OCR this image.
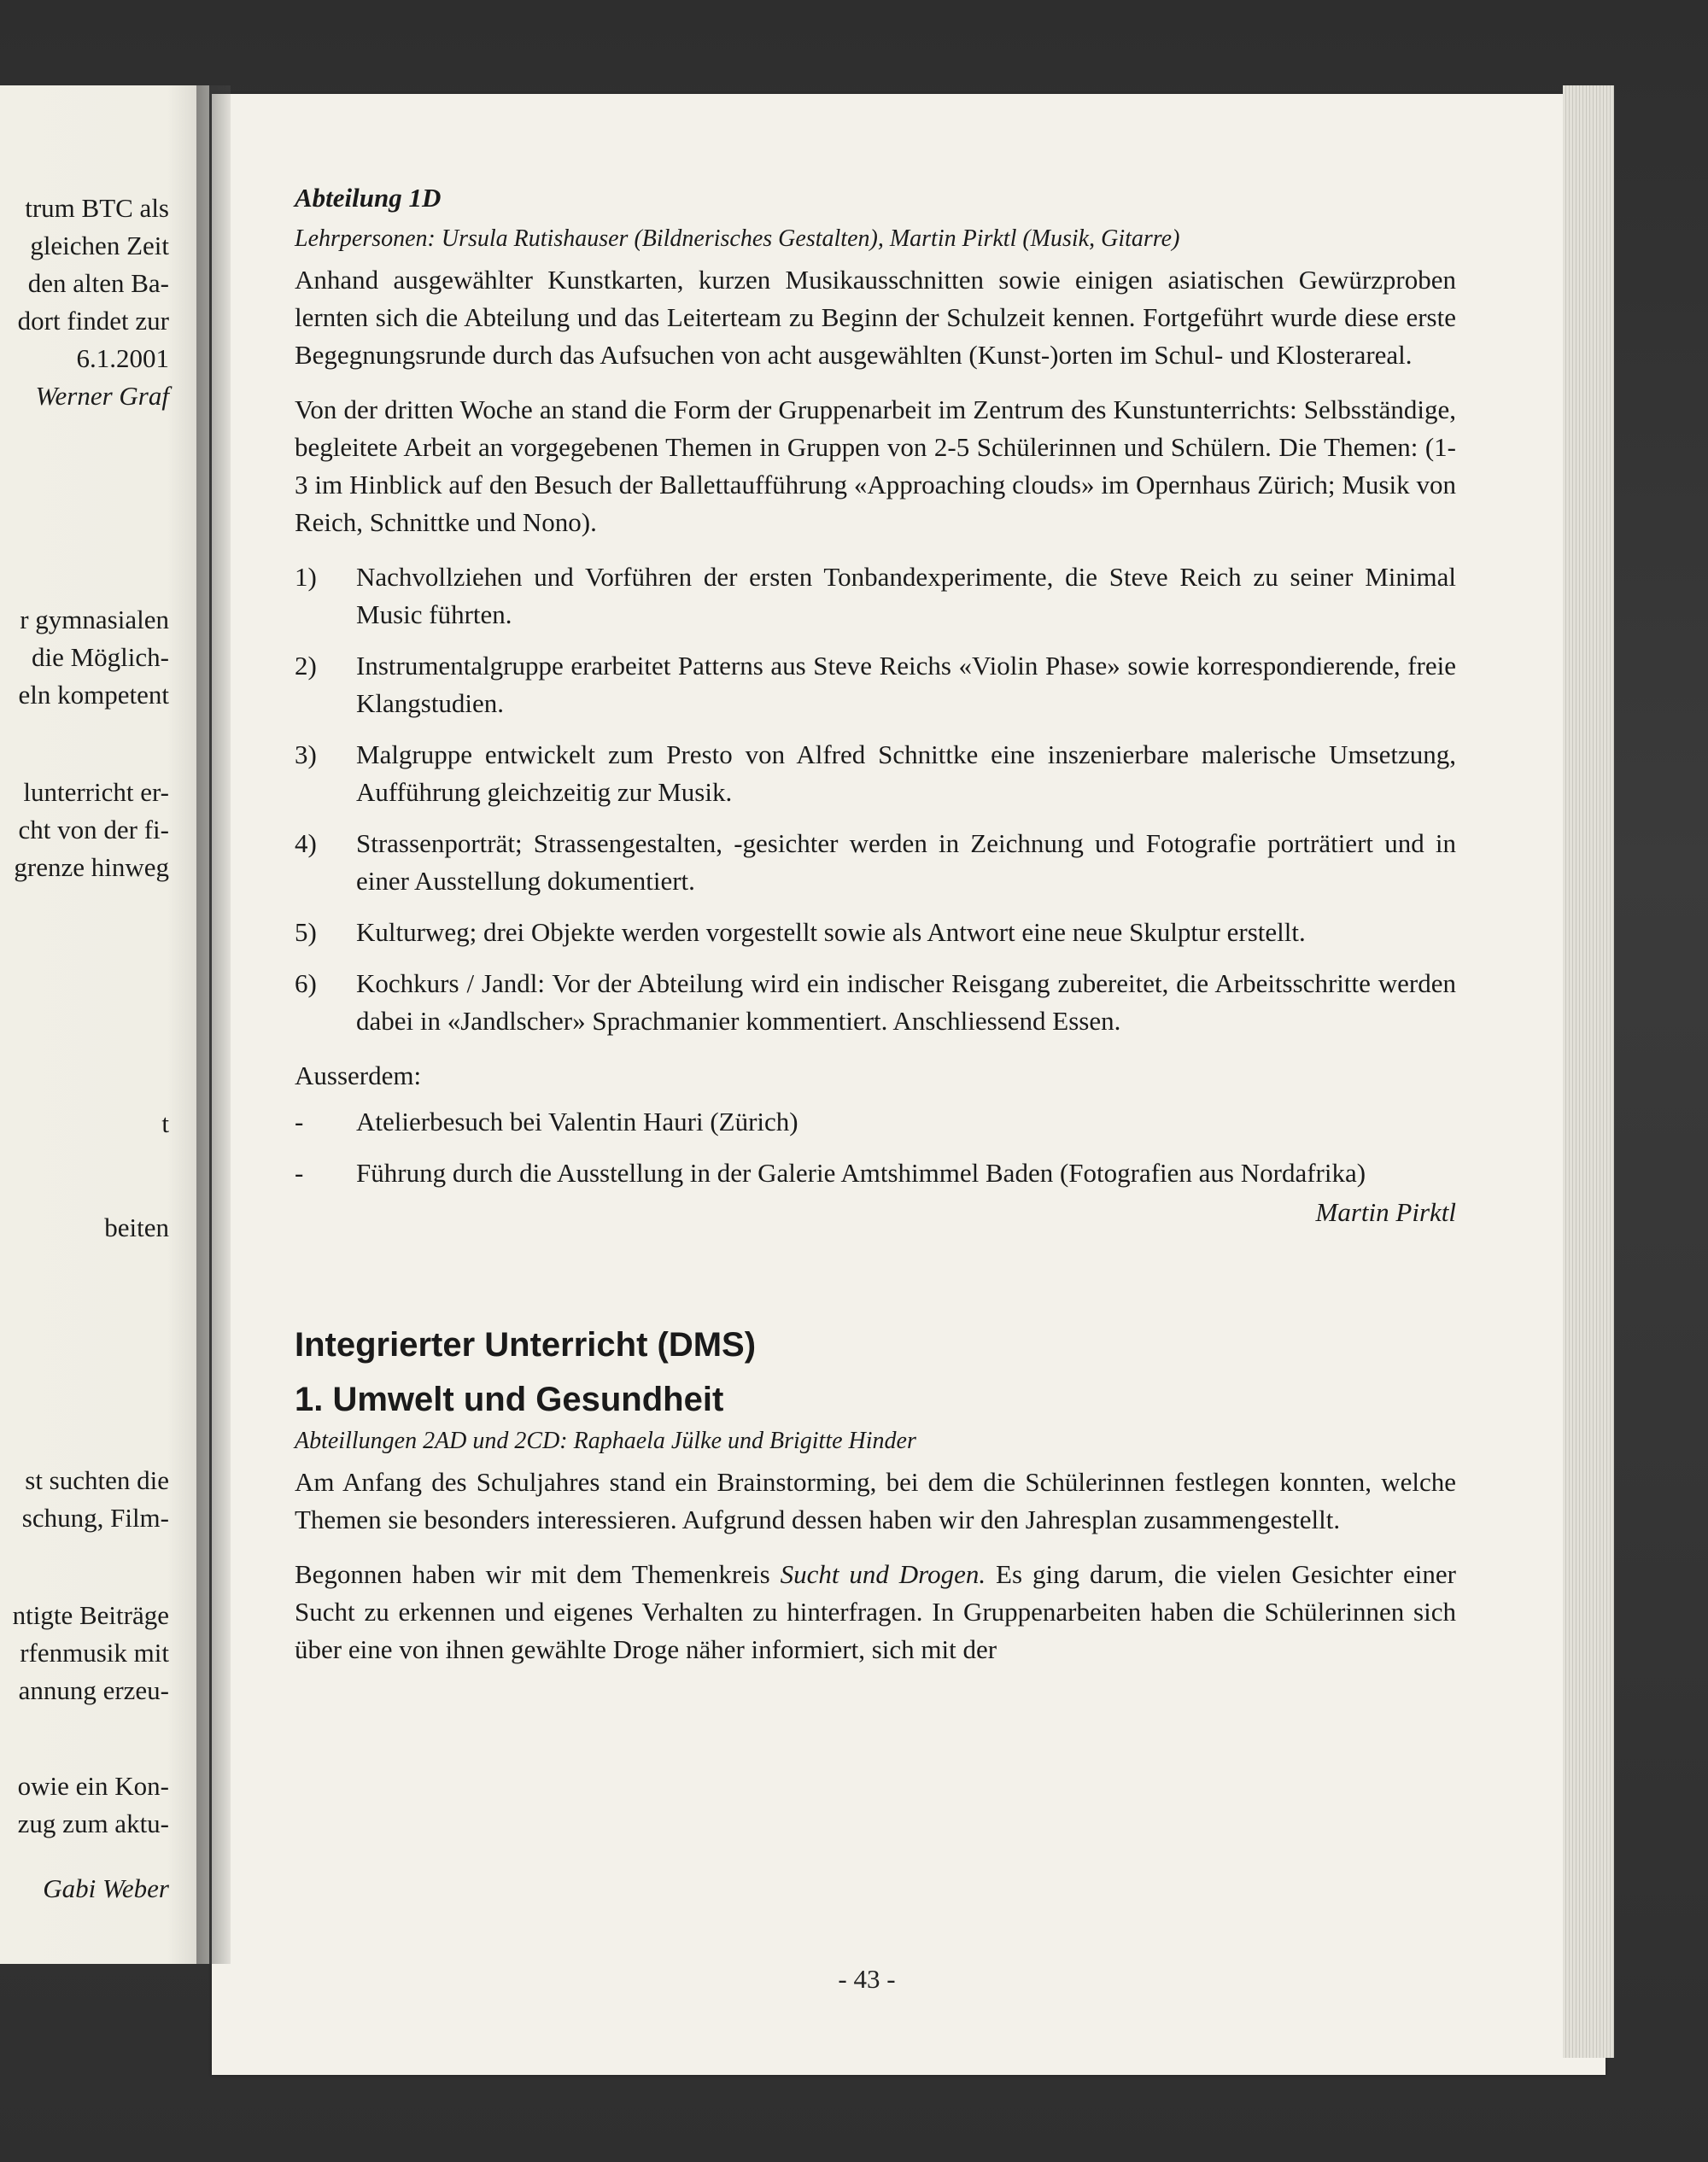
trum BTC als
gleichen Zeit
den alten Ba-
dort findet zur
6.1.2001
Werner Graf
r gymnasialen
die Möglich-
eln kompetent
lunterricht er-
cht von der fi-
grenze hinweg
t
beiten
st suchten die
schung, Film-
ntigte Beiträge
rfenmusik mit
annung erzeu-
owie ein Kon-
zug zum aktu-
Gabi Weber

Abteilung 1D

Lehrpersonen: Ursula Rutishauser (Bildnerisches Gestalten), Martin Pirktl (Musik, Gitarre)

Anhand ausgewählter Kunstkarten, kurzen Musikausschnitten sowie einigen asiatischen Gewürzproben lernten sich die Abteilung und das Leiterteam zu Beginn der Schulzeit kennen. Fortgeführt wurde diese erste Begegnungsrunde durch das Aufsuchen von acht ausgewählten (Kunst-)orten im Schul- und Klosterareal.

Von der dritten Woche an stand die Form der Gruppenarbeit im Zentrum des Kunstunterrichts: Selbsständige, begleitete Arbeit an vorgegebenen Themen in Gruppen von 2-5 Schülerinnen und Schülern. Die Themen: (1-3 im Hinblick auf den Besuch der Ballettaufführung «Approaching clouds» im Opernhaus Zürich; Musik von Reich, Schnittke und Nono).

1) Nachvollziehen und Vorführen der ersten Tonbandexperimente, die Steve Reich zu seiner Minimal Music führten.
2) Instrumentalgruppe erarbeitet Patterns aus Steve Reichs «Violin Phase» sowie korrespondierende, freie Klangstudien.
3) Malgruppe entwickelt zum Presto von Alfred Schnittke eine inszenierbare malerische Umsetzung, Aufführung gleichzeitig zur Musik.
4) Strassenporträt; Strassengestalten, -gesichter werden in Zeichnung und Fotografie porträtiert und in einer Ausstellung dokumentiert.
5) Kulturweg; drei Objekte werden vorgestellt sowie als Antwort eine neue Skulptur erstellt.
6) Kochkurs / Jandl: Vor der Abteilung wird ein indischer Reisgang zubereitet, die Arbeitsschritte werden dabei in «Jandlscher» Sprachmanier kommentiert. Anschliessend Essen.

Ausserdem:

- Atelierbesuch bei Valentin Hauri (Zürich)
- Führung durch die Ausstellung in der Galerie Amtshimmel Baden (Fotografien aus Nordafrika)

Martin Pirktl

Integrierter Unterricht (DMS)

1. Umwelt und Gesundheit

Abteillungen 2AD und 2CD: Raphaela Jülke und Brigitte Hinder

Am Anfang des Schuljahres stand ein Brainstorming, bei dem die Schülerinnen festlegen konnten, welche Themen sie besonders interessieren. Aufgrund dessen haben wir den Jahresplan zusammengestellt.

Begonnen haben wir mit dem Themenkreis Sucht und Drogen. Es ging darum, die vielen Gesichter einer Sucht zu erkennen und eigenes Verhalten zu hinterfragen. In Gruppenarbeiten haben die Schülerinnen sich über eine von ihnen gewählte Droge näher informiert, sich mit der

- 43 -
